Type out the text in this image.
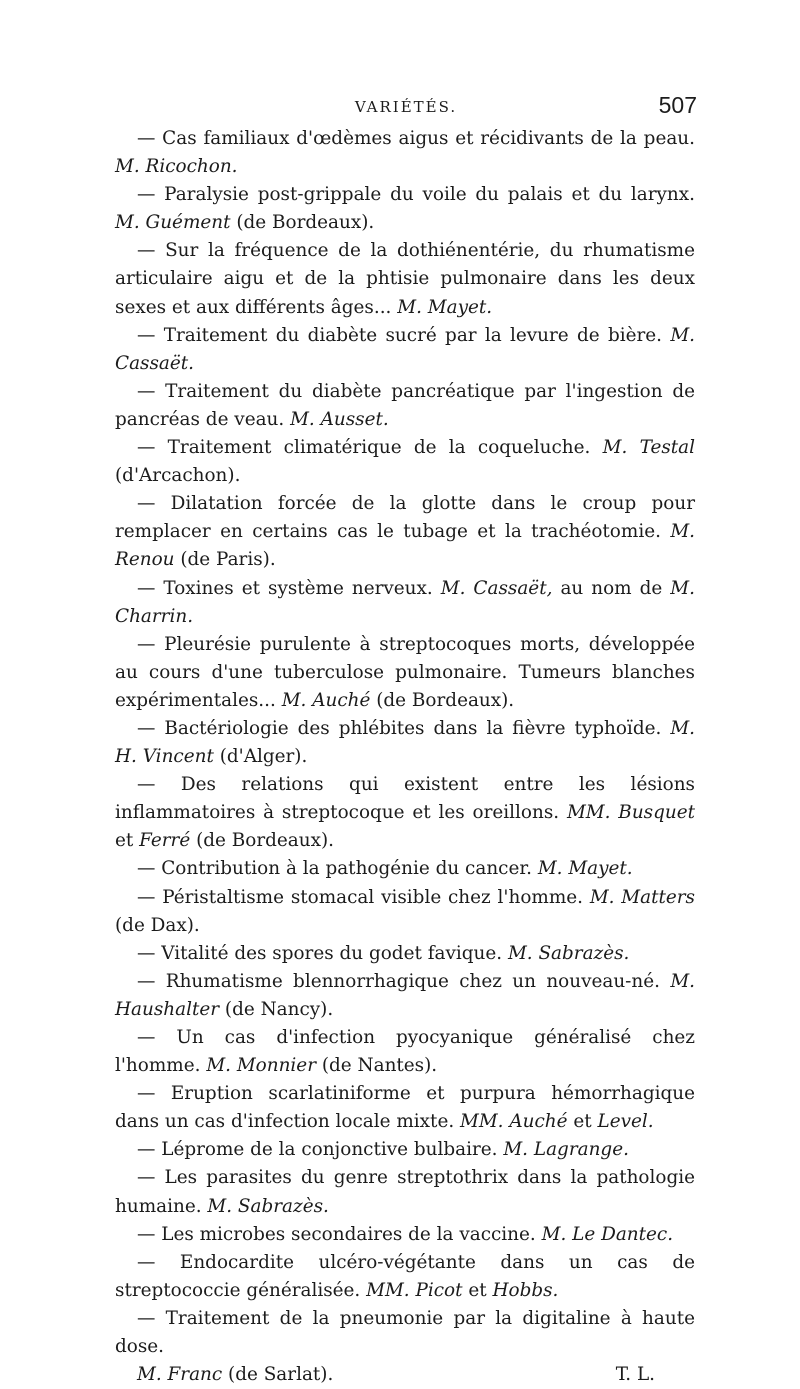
VARIÉTÉS.	507

— Cas familiaux d'œdèmes aigus et récidivants de la peau. M. Ricochon.

— Paralysie post-grippale du voile du palais et du larynx. M. Guément (de Bordeaux).

— Sur la fréquence de la dothiénentérie, du rhumatisme articulaire aigu et de la phtisie pulmonaire dans les deux sexes et aux différents âges... M. Mayet.

— Traitement du diabète sucré par la levure de bière. M. Cassaët.

— Traitement du diabète pancréatique par l'ingestion de pancréas de veau. M. Ausset.

— Traitement climatérique de la coqueluche. M. Testal (d'Arcachon).

— Dilatation forcée de la glotte dans le croup pour remplacer en certains cas le tubage et la trachéotomie. M. Renou (de Paris).

— Toxines et système nerveux. M. Cassaët, au nom de M. Charrin.

— Pleurésie purulente à streptocoques morts, développée au cours d'une tuberculose pulmonaire. Tumeurs blanches expérimentales... M. Auché (de Bordeaux).

— Bactériologie des phlébites dans la fièvre typhoïde. M. H. Vincent (d'Alger).

— Des relations qui existent entre les lésions inflammatoires à streptocoque et les oreillons. MM. Busquet et Ferré (de Bordeaux).

— Contribution à la pathogénie du cancer. M. Mayet.

— Péristaltisme stomacal visible chez l'homme. M. Matters (de Dax).

— Vitalité des spores du godet favique. M. Sabrazès.

— Rhumatisme blennorrhagique chez un nouveau-né. M. Haushalter (de Nancy).

— Un cas d'infection pyocyanique généralisé chez l'homme. M. Monnier (de Nantes).

— Eruption scarlatiniforme et purpura hémorrhagique dans un cas d'infection locale mixte. MM. Auché et Level.

— Lépromе de la conjonctive bulbaire. M. Lagrange.

— Les parasites du genre streptothrix dans la pathologie humaine. M. Sabrazès.

— Les microbes secondaires de la vaccine. M. Le Dantec.

— Endocardite ulcéro-végétante dans un cas de streptococcie généralisée. MM. Picot et Hobbs.

— Traitement de la pneumonie par la digitaline à haute dose.
M. Franc (de Sarlat).	T. L.
